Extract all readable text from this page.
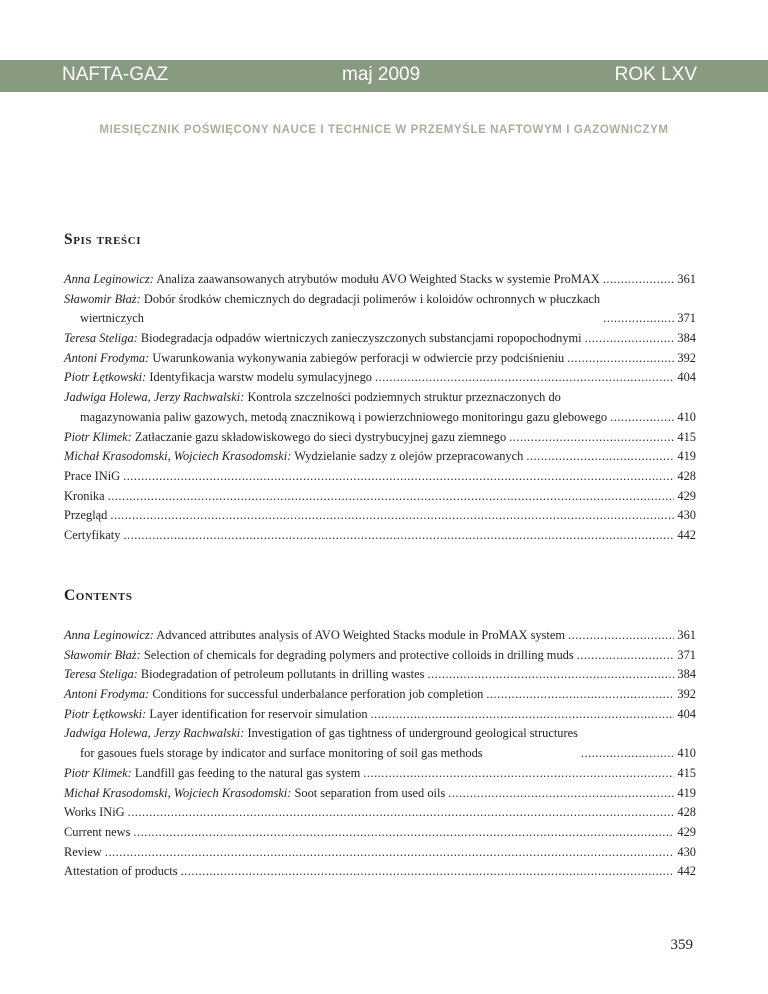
NAFTA-GAZ	maj 2009	ROK LXV
MIESIĘCZNIK POŚWIĘCONY NAUCE I TECHNICE W PRZEMYŚLE NAFTOWYM I GAZOWNICZYM
Spis treści
Anna Leginowicz: Analiza zaawansowanych atrybutów modułu AVO Weighted Stacks w systemie ProMAX .....	361
Sławomir Błaż: Dobór środków chemicznych do degradacji polimerów i koloidów ochronnych w płuczkach
wiertniczych .....	371
Teresa Steliga: Biodegradacja odpadów wiertniczych zanieczyszczonych substancjami ropopochodnymi .....	384
Antoni Frodyma: Uwarunkowania wykonywania zabiegów perforacji w odwiercie przy podciśnieniu .....	392
Piotr Łętkowski: Identyfikacja warstw modelu symulacyjnego .....	404
Jadwiga Holewa, Jerzy Rachwalski: Kontrola szczelności podziemnych struktur przeznaczonych do
magazynowania paliw gazowych, metodą znacznikową i powierzchniowego monitoringu gazu glebowego .....	410
Piotr Klimek: Zatłaczanie gazu składowiskowego do sieci dystrybucyjnej gazu ziemnego .....	415
Michał Krasodomski, Wojciech Krasodomski: Wydzielanie sadzy z olejów przepracowanych .....	419
Prace INiG .....	428
Kronika .....	429
Przegląd .....	430
Certyfikaty .....	442
Contents
Anna Leginowicz: Advanced attributes analysis of AVO Weighted Stacks module in ProMAX system .....	361
Sławomir Błaż: Selection of chemicals for degrading polymers and protective colloids in drilling muds .....	371
Teresa Steliga: Biodegradation of petroleum pollutants in drilling wastes .....	384
Antoni Frodyma: Conditions for successful underbalance perforation job completion .....	392
Piotr Łętkowski: Layer identification for reservoir simulation .....	404
Jadwiga Holewa, Jerzy Rachwalski: Investigation of gas tightness of underground geological structures
for gasoues fuels storage by indicator and surface monitoring of soil gas methods .....	410
Piotr Klimek: Landfill gas feeding to the natural gas system .....	415
Michał Krasodomski, Wojciech Krasodomski: Soot separation from used oils .....	419
Works INiG .....	428
Current news .....	429
Review .....	430
Attestation of products .....	442
359
